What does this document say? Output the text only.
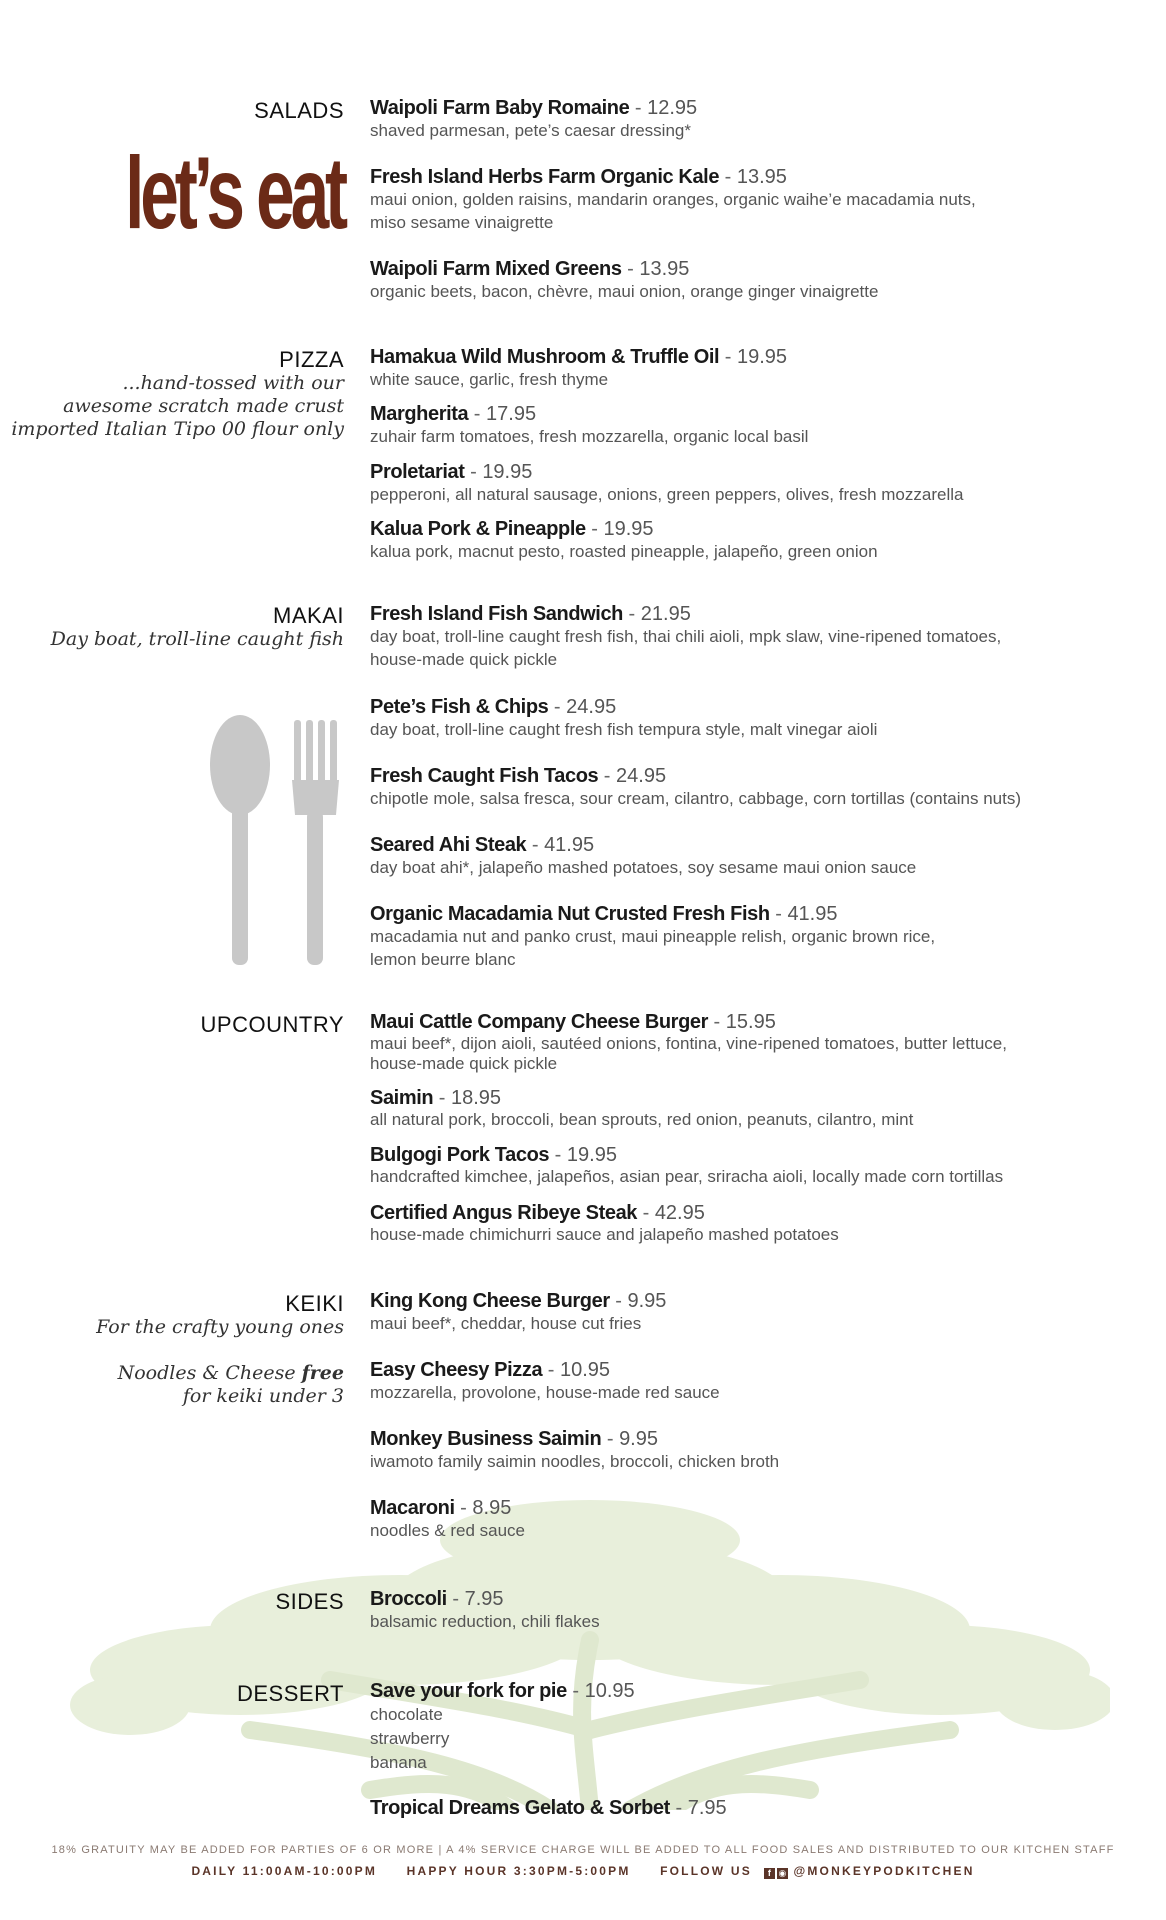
let’s eat
SALADS Waipoli Farm Baby Romaine - 12.95
shaved parmesan, pete’s caesar dressing*
Fresh Island Herbs Farm Organic Kale - 13.95
maui onion, golden raisins, mandarin oranges, organic waihe’e macadamia nuts,
miso sesame vinaigrette
Waipoli Farm Mixed Greens - 13.95
organic beets, bacon, chèvre, maui onion, orange ginger vinaigrette
PIZZA
...hand-tossed with our
awesome scratch made crust
imported Italian Tipo 00 flour only
Hamakua Wild Mushroom & Truffle Oil - 19.95
white sauce, garlic, fresh thyme
Margherita - 17.95
zuhair farm tomatoes, fresh mozzarella, organic local basil
Proletariat - 19.95
pepperoni, all natural sausage, onions, green peppers, olives, fresh mozzarella
Kalua Pork & Pineapple - 19.95
kalua pork, macnut pesto, roasted pineapple, jalapeño, green onion
MAKAI
Day boat, troll-line caught fish
Fresh Island Fish Sandwich - 21.95
day boat, troll-line caught fresh fish, thai chili aioli, mpk slaw, vine-ripened tomatoes,
house-made quick pickle
Pete’s Fish & Chips - 24.95
day boat, troll-line caught fresh fish tempura style, malt vinegar aioli
Fresh Caught Fish Tacos - 24.95
chipotle mole, salsa fresca, sour cream, cilantro, cabbage, corn tortillas (contains nuts)
Seared Ahi Steak - 41.95
day boat ahi*, jalapeño mashed potatoes, soy sesame maui onion sauce
Organic Macadamia Nut Crusted Fresh Fish - 41.95
macadamia nut and panko crust, maui pineapple relish, organic brown rice,
lemon beurre blanc
UPCOUNTRY Maui Cattle Company Cheese Burger - 15.95
maui beef*, dijon aioli, sautéed onions, fontina, vine-ripened tomatoes, butter lettuce,
house-made quick pickle
Saimin - 18.95
all natural pork, broccoli, bean sprouts, red onion, peanuts, cilantro, mint
Bulgogi Pork Tacos - 19.95
handcrafted kimchee, jalapeños, asian pear, sriracha aioli, locally made corn tortillas
Certified Angus Ribeye Steak - 42.95
house-made chimichurri sauce and jalapeño mashed potatoes
KEIKI
For the crafty young ones
Noodles & Cheese free
for keiki under 3
King Kong Cheese Burger - 9.95
maui beef*, cheddar, house cut fries
Easy Cheesy Pizza - 10.95
mozzarella, provolone, house-made red sauce
Monkey Business Saimin - 9.95
iwamoto family saimin noodles, broccoli, chicken broth
Macaroni - 8.95
noodles & red sauce
SIDES Broccoli - 7.95
balsamic reduction, chili flakes
DESSERT Save your fork for pie - 10.95
chocolate
strawberry
banana
Tropical Dreams Gelato & Sorbet - 7.95
18% GRATUITY MAY BE ADDED FOR PARTIES OF 6 OR MORE | A 4% SERVICE CHARGE WILL BE ADDED TO ALL FOOD SALES AND DISTRIBUTED TO OUR KITCHEN STAFF
DAILY 11:00AM-10:00PM HAPPY HOUR 3:30PM-5:00PM FOLLOW US f ◉ @MONKEYPODKITCHEN
